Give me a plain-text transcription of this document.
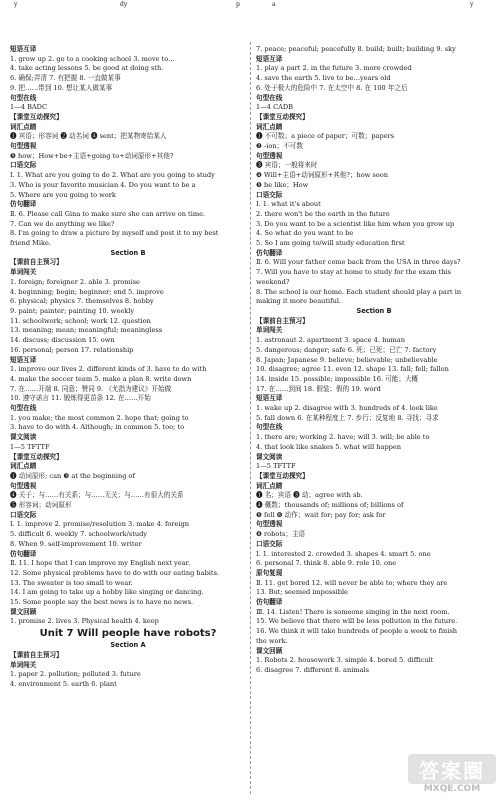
y	dy	p	a	y
短语互译
1. grow up 2. go to a cooking school 3. move to…
4. take acting lessons 5. be good at doing sth.
6. 确保;弄清 7. 有把握 8. 一直做某事
9. 把……带到 10. 想让某人做某事
句型在线
1—4 BADC
【课堂互动探究】
词汇点睛
❶ 宾语；形容词 ❷ 动名词 ❹ sent；把某物寄给某人
句型透视
❺ how；How+be+主语+going to+动词原形+其他?
口语交际
Ⅰ. 1. What are you going to do 2. What are you going to study
3. Who is your favorite musician 4. Do you want to be a
5. Where are you going to work
仿句翻译
Ⅱ. 6. Please call Gina to make sure she can arrive on time.
7. Can we do anything we like?
8. I'm going to draw a picture by myself and post it to my best
friend Mike.
Section B
【课前自主预习】
单词闯关
1. foreign; foreigner 2. able 3. promise
4. beginning; begin; beginner; end 5. improve
6. physical; physics 7. themselves 8. hobby
9. paint; painter; painting 10. weekly
11. schoolwork; school; work 12. question
13. meaning; mean; meaningful; meaningless
14. discuss; discussion 15. own
16. personal; person 17. relationship
短语互译
1. improve our lives 2. different kinds of 3. have to do with
4. make the soccer team 5. make a plan 8. write down
7. 在……开端 8. 同意；赞同 9. 《尤指为建议》开始做
10. 遵守诺言 11. 锻炼得更苗条 12. 在……开始
句型在线
1. you make; the most common 2. hope that; going to
3. have to do with 4. Although; in common 5. too; to
课文阅读
1—5 TFTTF
【课堂互动探究】
词汇点睛
❶ 动词原形; can ❸ at the beginning of
句型透视
❹ 关于；与……有关系；与……无关；与……有很大的关系
❺ 形容词；动词原形
口语交际
Ⅰ. 1. improve 2. promise/resolution 3. make 4. foreign
5. difficult 6. weekly 7. schoolwork/study
8. When 9. self-improvement 10. writer
仿句翻译
Ⅱ. 11. I hope that I can improve my English next year.
12. Some physical problems have to do with our eating habits.
13. The sweater is too small to wear.
14. I am going to take up a hobby like singing or dancing.
15. Some people say the best news is to have no news.
课文回顾
1. promise 2. lives 3. Physical health 4. keep
Unit 7 Will people have robots?
Section A
【课前自主预习】
单词闯关
1. paper 2. pollution; polluted 3. future
4. environment 5. earth 6. plant
7. peace; peaceful; peacefully 8. build; built; building 9. sky
短语互译
1. play a part 2. in the future 3. more crowded
4. save the earth 5. live to be…years old
6. 处于极大的危险中 7. 在太空中 8. 在 100 年之后
句型在线
1—4 CADB
【课堂互动探究】
词汇点睛
❶ 不可数；a piece of paper；可数；papers
❷ -ion；不可数
句型透视
❸ 宾语；一般将来时
❹ Will+主语+动词原形+其他?；how soon
❺ be like；How
口语交际
Ⅰ. 1. what it's about
2. there won't be the earth in the future
3. Do you want to be a scientist like him when you grow up
4. So what do you want to be
5. So I am going to/will study education first
仿句翻译
Ⅱ. 6. Will your father come back from the USA in three days?
7. Will you have to stay at home to study for the exam this
weekend?
8. The school is our home. Each student should play a part in
making it more beautiful.
Section B
【课前自主预习】
单词闯关
1. astronaut 2. apartment 3. space 4. human
5. dangerous; danger; safe 6. 死；已死；已亡 7. factory
8. Japan; Japanese 9. believe; believable; unbelievable
10. disagree; agree 11. even 12. shape 13. fall; fell; fallen
14. inside 15. possible; impossible 16. 可能；大概
17. 在……到间 18. 假装；假的 19. word
短语互译
1. wake up 2. disagree with 3. hundreds of 4. look like
5. fall down 6. 在某种程度上 7. 步行；反复地 8. 寻找；寻求
句型在线
1. there are; working 2. have; will 3. will; be able to
4. that look like snakes 5. what will happen
课文阅读
1—5 TFTTF
【课堂互动探究】
词汇点睛
❶ 名；宾语 ❸ 动；agree with sb.
❹ 概数；thousands of; millions of; billions of
❺ fell ❻ 动作；wait for; pay for; ask for
句型透视
❽ robots；主语
口语交际
Ⅰ. 1. interested 2. crowded 3. shapes 4. smart 5. one
6. personal 7. think 8. able 9. role 10. one
原句复现
Ⅱ. 11. get bored 12. will never be able to; where they are
13. But; seemed impossible
仿句翻译
Ⅲ. 14. Listen! There is someone singing in the next room.
15. We believe that there will be less pollution in the future.
16. We think it will take hundreds of people a week to finish
the work.
课文回顾
1. Robots 2. housework 3. simple 4. bored 5. difficult
6. disagree 7. different 8. animals
答案圈
MXQE.COM
